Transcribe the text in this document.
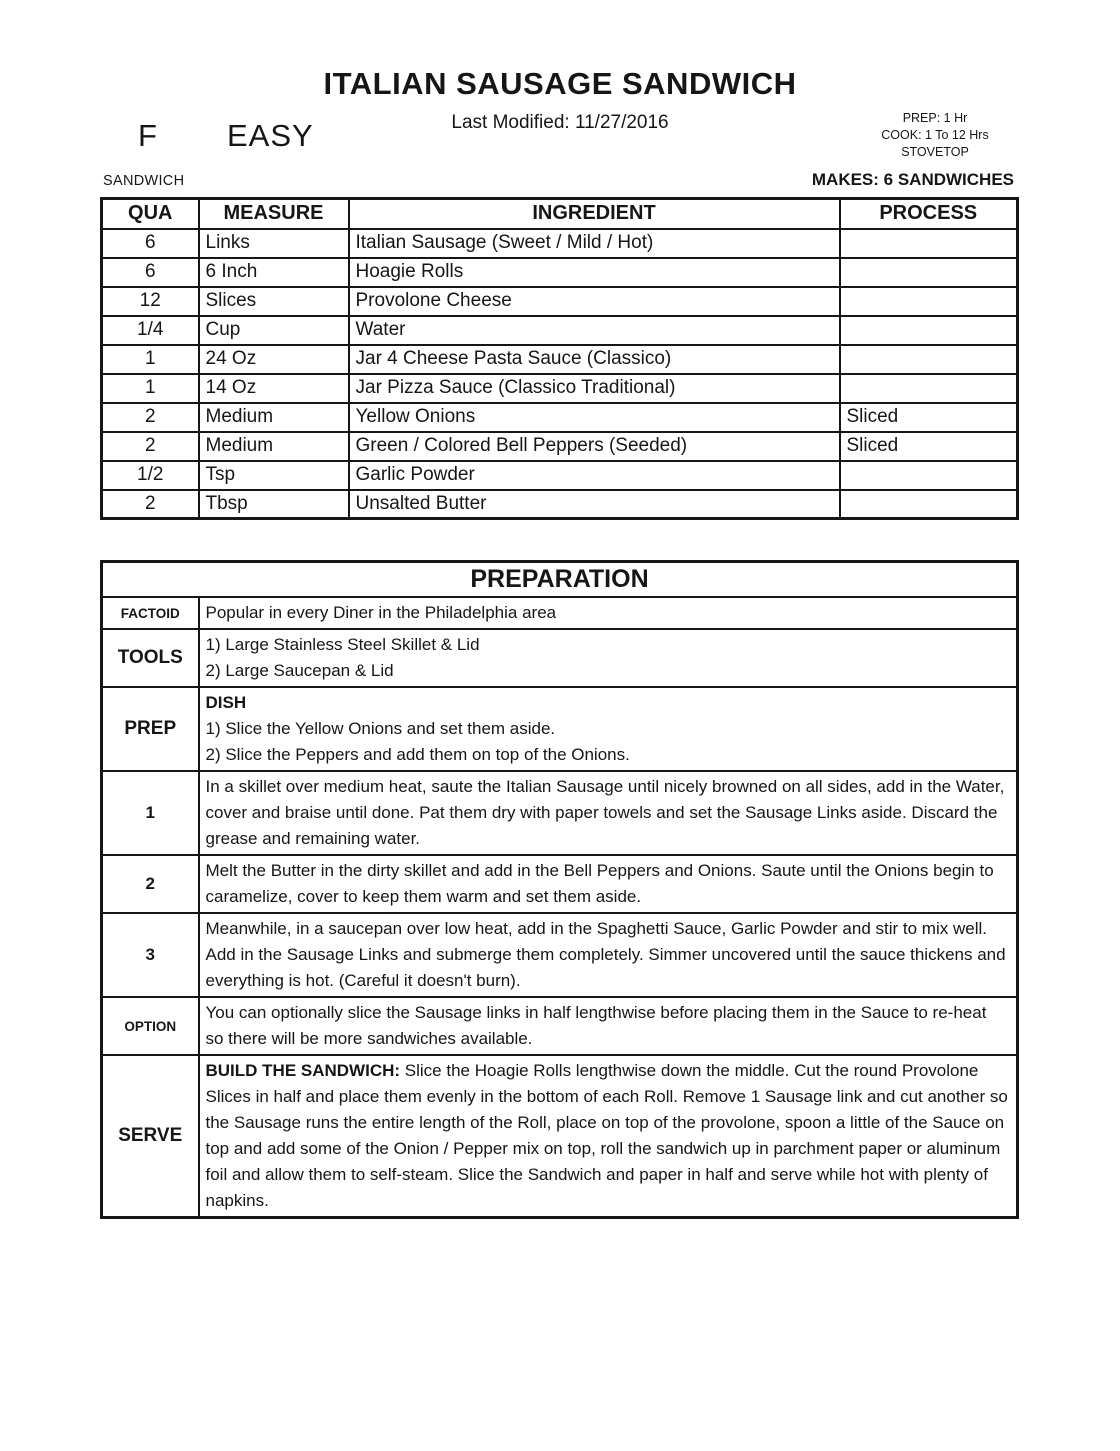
ITALIAN SAUSAGE SANDWICH
Last Modified: 11/27/2016
F EASY	PREP: 1 Hr
COOK: 1 To 12 Hrs
STOVETOP
SANDWICH	MAKES: 6 SANDWICHES
QUA	MEASURE	INGREDIENT	PROCESS
6	Links	Italian Sausage (Sweet / Mild / Hot)	
6	6 Inch	Hoagie Rolls	
12	Slices	Provolone Cheese	
1/4	Cup	Water	
1	24 Oz	Jar 4 Cheese Pasta Sauce (Classico)	
1	14 Oz	Jar Pizza Sauce (Classico Traditional)	
2	Medium	Yellow Onions	Sliced
2	Medium	Green / Colored Bell Peppers (Seeded)	Sliced
1/2	Tsp	Garlic Powder	
2	Tbsp	Unsalted Butter	
PREPARATION	
FACTOID	Popular in every Diner in the Philadelphia area
TOOLS	1) Large Stainless Steel Skillet & Lid
2) Large Saucepan & Lid

PREP	DISH
1) Slice the Yellow Onions and set them aside.
2) Slice the Peppers and add them on top of the Onions.

1	In a skillet over medium heat, saute the Italian Sausage until nicely browned on all sides, add in the Water, cover and braise until done. Pat them dry with paper towels and set the Sausage Links aside. Discard the grease and remaining water.
2	Melt the Butter in the dirty skillet and add in the Bell Peppers and Onions. Saute until the Onions begin to caramelize, cover to keep them warm and set them aside.
3	Meanwhile, in a saucepan over low heat, add in the Spaghetti Sauce, Garlic Powder and stir to mix well. Add in the Sausage Links and submerge them completely. Simmer uncovered until the sauce thickens and everything is hot. (Careful it doesn't burn).
OPTION	You can optionally slice the Sausage links in half lengthwise before placing them in the Sauce to re-heat so there will be more sandwiches available.
SERVE	BUILD THE SANDWICH: Slice the Hoagie Rolls lengthwise down the middle. Cut the round Provolone Slices in half and place them evenly in the bottom of each Roll. Remove 1 Sausage link and cut another so the Sausage runs the entire length of the Roll, place on top of the provolone, spoon a little of the Sauce on top and add some of the Onion / Pepper mix on top, roll the sandwich up in parchment paper or aluminum foil and allow them to self-steam. Slice the Sandwich and paper in half and serve while hot with plenty of napkins.
